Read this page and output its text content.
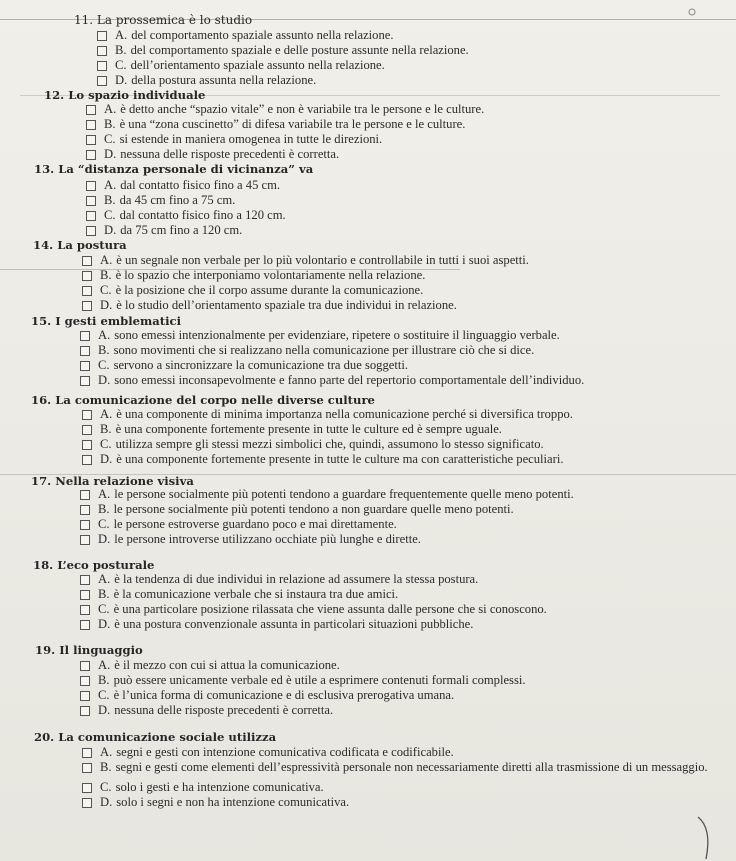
11. La prossemica è lo studio
A. del comportamento spaziale assunto nella relazione.
B. del comportamento spaziale e delle posture assunte nella relazione.
C. dell’orientamento spaziale assunto nella relazione.
D. della postura assunta nella relazione.
12. Lo spazio individuale
A. è detto anche “spazio vitale” e non è variabile tra le persone e le culture.
B. è una “zona cuscinetto” di difesa variabile tra le persone e le culture.
C. si estende in maniera omogenea in tutte le direzioni.
D. nessuna delle risposte precedenti è corretta.
13. La “distanza personale di vicinanza” va
A. dal contatto fisico fino a 45 cm.
B. da 45 cm fino a 75 cm.
C. dal contatto fisico fino a 120 cm.
D. da 75 cm fino a 120 cm.
14. La postura
A. è un segnale non verbale per lo più volontario e controllabile in tutti i suoi aspetti.
B. è lo spazio che interponiamo volontariamente nella relazione.
C. è la posizione che il corpo assume durante la comunicazione.
D. è lo studio dell’orientamento spaziale tra due individui in relazione.
15. I gesti emblematici
A. sono emessi intenzionalmente per evidenziare, ripetere o sostituire il linguaggio verbale.
B. sono movimenti che si realizzano nella comunicazione per illustrare ciò che si dice.
C. servono a sincronizzare la comunicazione tra due soggetti.
D. sono emessi inconsapevolmente e fanno parte del repertorio comportamentale dell’individuo.
16. La comunicazione del corpo nelle diverse culture
A. è una componente di minima importanza nella comunicazione perché si diversifica troppo.
B. è una componente fortemente presente in tutte le culture ed è sempre uguale.
C. utilizza sempre gli stessi mezzi simbolici che, quindi, assumono lo stesso significato.
D. è una componente fortemente presente in tutte le culture ma con caratteristiche peculiari.
17. Nella relazione visiva
A. le persone socialmente più potenti tendono a guardare frequentemente quelle meno potenti.
B. le persone socialmente più potenti tendono a non guardare quelle meno potenti.
C. le persone estroverse guardano poco e mai direttamente.
D. le persone introverse utilizzano occhiate più lunghe e dirette.
18. L’eco posturale
A. è la tendenza di due individui in relazione ad assumere la stessa postura.
B. è la comunicazione verbale che si instaura tra due amici.
C. è una particolare posizione rilassata che viene assunta dalle persone che si conoscono.
D. è una postura convenzionale assunta in particolari situazioni pubbliche.
19. Il linguaggio
A. è il mezzo con cui si attua la comunicazione.
B. può essere unicamente verbale ed è utile a esprimere contenuti formali complessi.
C. è l’unica forma di comunicazione e di esclusiva prerogativa umana.
D. nessuna delle risposte precedenti è corretta.
20. La comunicazione sociale utilizza
A. segni e gesti con intenzione comunicativa codificata e codificabile.
B. segni e gesti come elementi dell’espressività personale non necessariamente diretti alla trasmissione di un messaggio.
C. solo i gesti e ha intenzione comunicativa.
D. solo i segni e non ha intenzione comunicativa.
